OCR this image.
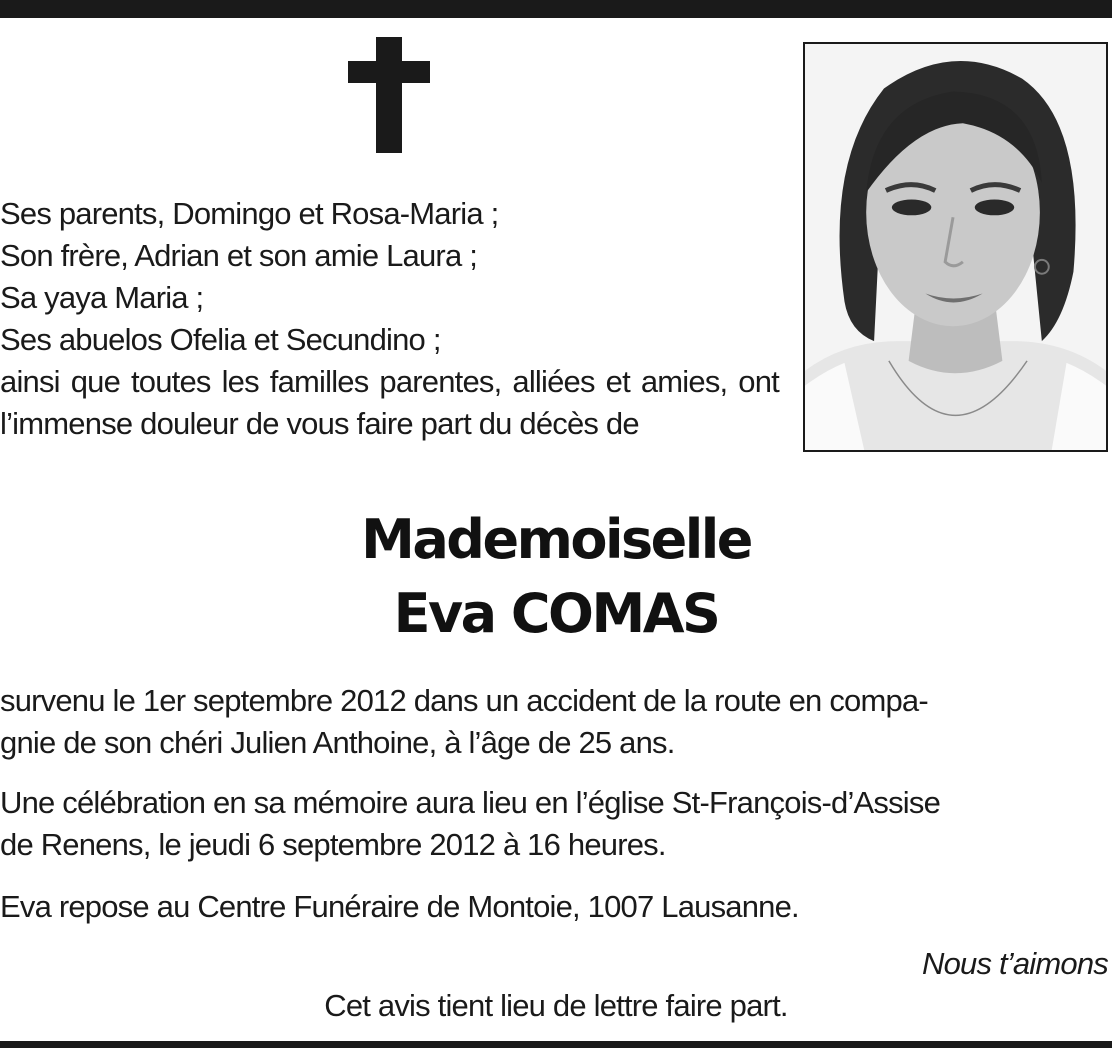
Ses parents, Domingo et Rosa-Maria ;
Son frère, Adrian et son amie Laura ;
Sa yaya Maria ;
Ses abuelos Ofelia et Secundino ;
ainsi que toutes les familles parentes, alliées et amies, ont l’immense douleur de vous faire part du décès de
Mademoiselle
Eva COMAS
survenu le 1er septembre 2012 dans un accident de la route en compa-
gnie de son chéri Julien Anthoine, à l’âge de 25 ans.
Une célébration en sa mémoire aura lieu en l’église St-François-d’Assise
de Renens, le jeudi 6 septembre 2012 à 16 heures.
Eva repose au Centre Funéraire de Montoie, 1007 Lausanne.
Nous t’aimons
Cet avis tient lieu de lettre faire part.
